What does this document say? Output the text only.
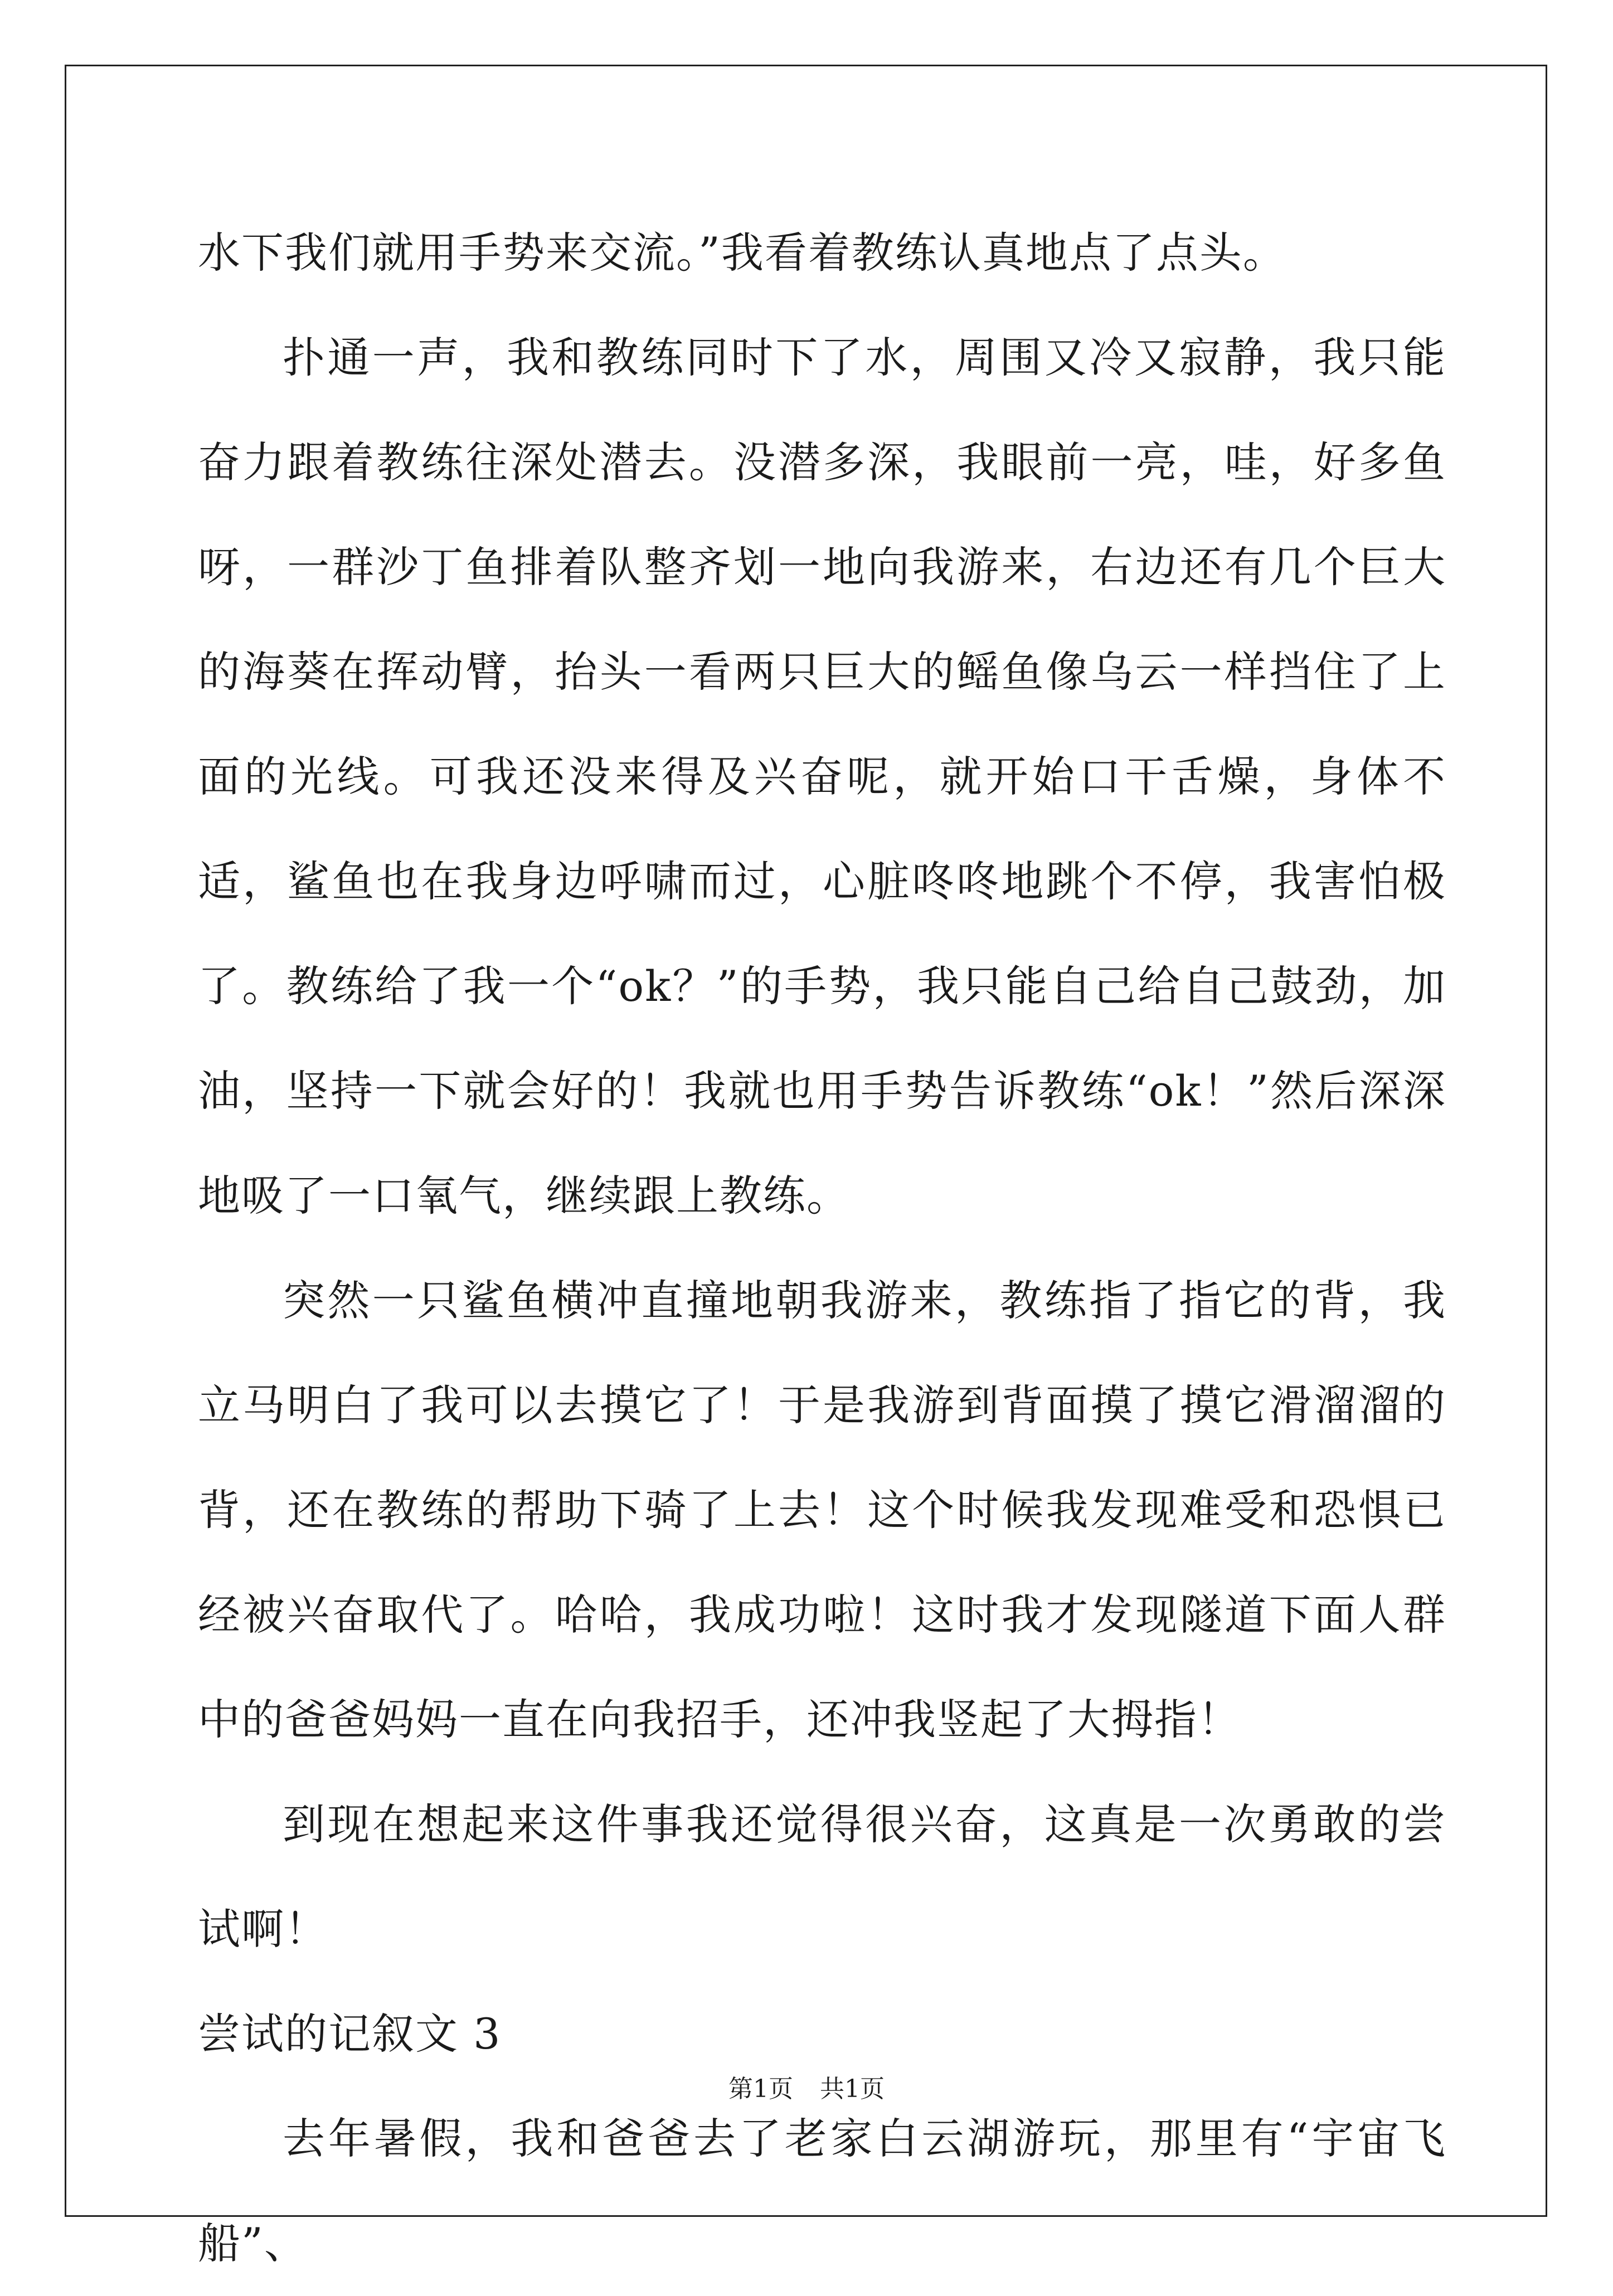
水下我们就用手势来交流。”我看着教练认真地点了点头。

扑通一声，我和教练同时下了水，周围又冷又寂静，我只能奋力跟着教练往深处潜去。没潜多深，我眼前一亮，哇，好多鱼呀，一群沙丁鱼排着队整齐划一地向我游来，右边还有几个巨大的海葵在挥动臂，抬头一看两只巨大的鳐鱼像乌云一样挡住了上面的光线。可我还没来得及兴奋呢，就开始口干舌燥，身体不适，鲨鱼也在我身边呼啸而过，心脏咚咚地跳个不停，我害怕极了。教练给了我一个“ok？”的手势，我只能自己给自己鼓劲，加油，坚持一下就会好的！我就也用手势告诉教练“ok！”然后深深地吸了一口氧气，继续跟上教练。

突然一只鲨鱼横冲直撞地朝我游来，教练指了指它的背，我立马明白了我可以去摸它了！于是我游到背面摸了摸它滑溜溜的背，还在教练的帮助下骑了上去！这个时候我发现难受和恐惧已经被兴奋取代了。哈哈，我成功啦！这时我才发现隧道下面人群中的爸爸妈妈一直在向我招手，还冲我竖起了大拇指！

到现在想起来这件事我还觉得很兴奋，这真是一次勇敢的尝试啊！

尝试的记叙文 3

去年暑假，我和爸爸去了老家白云湖游玩，那里有“宇宙飞船”、

第1页 共1页
